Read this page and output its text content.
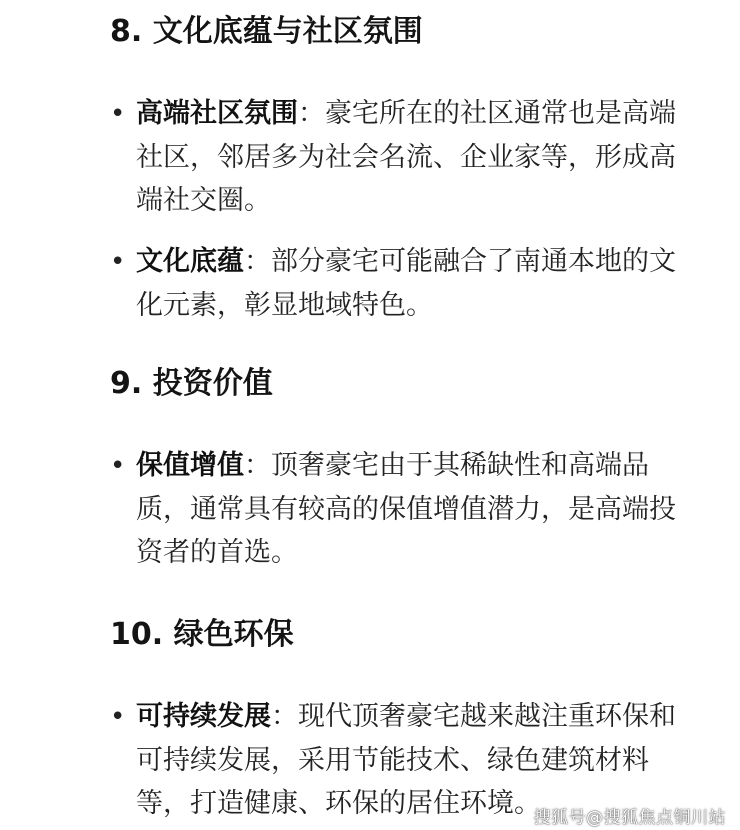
8. 文化底蕴与社区氛围
• 高端社区氛围：豪宅所在的社区通常也是高端社区，邻居多为社会名流、企业家等，形成高端社交圈。
• 文化底蕴：部分豪宅可能融合了南通本地的文化元素，彰显地域特色。
9. 投资价值
• 保值增值：顶奢豪宅由于其稀缺性和高端品质，通常具有较高的保值增值潜力，是高端投资者的首选。
10. 绿色环保
• 可持续发展：现代顶奢豪宅越来越注重环保和可持续发展，采用节能技术、绿色建筑材料等，打造健康、环保的居住环境。
搜狐号@搜狐焦点铜川站
